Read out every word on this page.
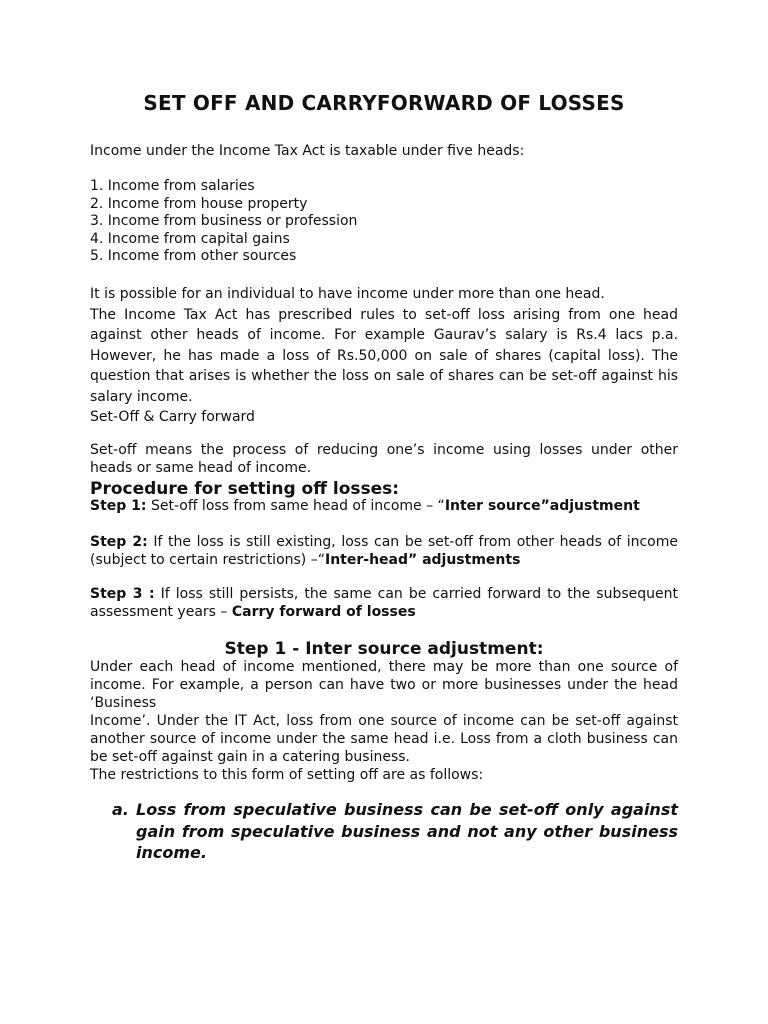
SET OFF AND CARRYFORWARD OF LOSSES

Income under the Income Tax Act is taxable under five heads:

1. Income from salaries
2. Income from house property
3. Income from business or profession
4. Income from capital gains
5. Income from other sources

It is possible for an individual to have income under more than one head.

The Income Tax Act has prescribed rules to set-off loss arising from one head against other heads of income. For example Gaurav’s salary is Rs.4 lacs p.a. However, he has made a loss of Rs.50,000 on sale of shares (capital loss). The question that arises is whether the loss on sale of shares can be set-off against his salary income.

Set-Off & Carry forward

Set-off means the process of reducing one’s income using losses under other heads or same head of income.

Procedure for setting off losses:

Step 1: Set-off loss from same head of income – “Inter source”adjustment

Step 2: If the loss is still existing, loss can be set-off from other heads of income (subject to certain restrictions) –“Inter-head” adjustments

Step 3 : If loss still persists, the same can be carried forward to the subsequent assessment years – Carry forward of losses

Step 1 - Inter source adjustment:

Under each head of income mentioned, there may be more than one source of income. For example, a person can have two or more businesses under the head ‘Business

Income’. Under the IT Act, loss from one source of income can be set-off against another source of income under the same head i.e. Loss from a cloth business can be set-off against gain in a catering business.

The restrictions to this form of setting off are as follows:

a. Loss from speculative business can be set-off only against gain from speculative business and not any other business income.
